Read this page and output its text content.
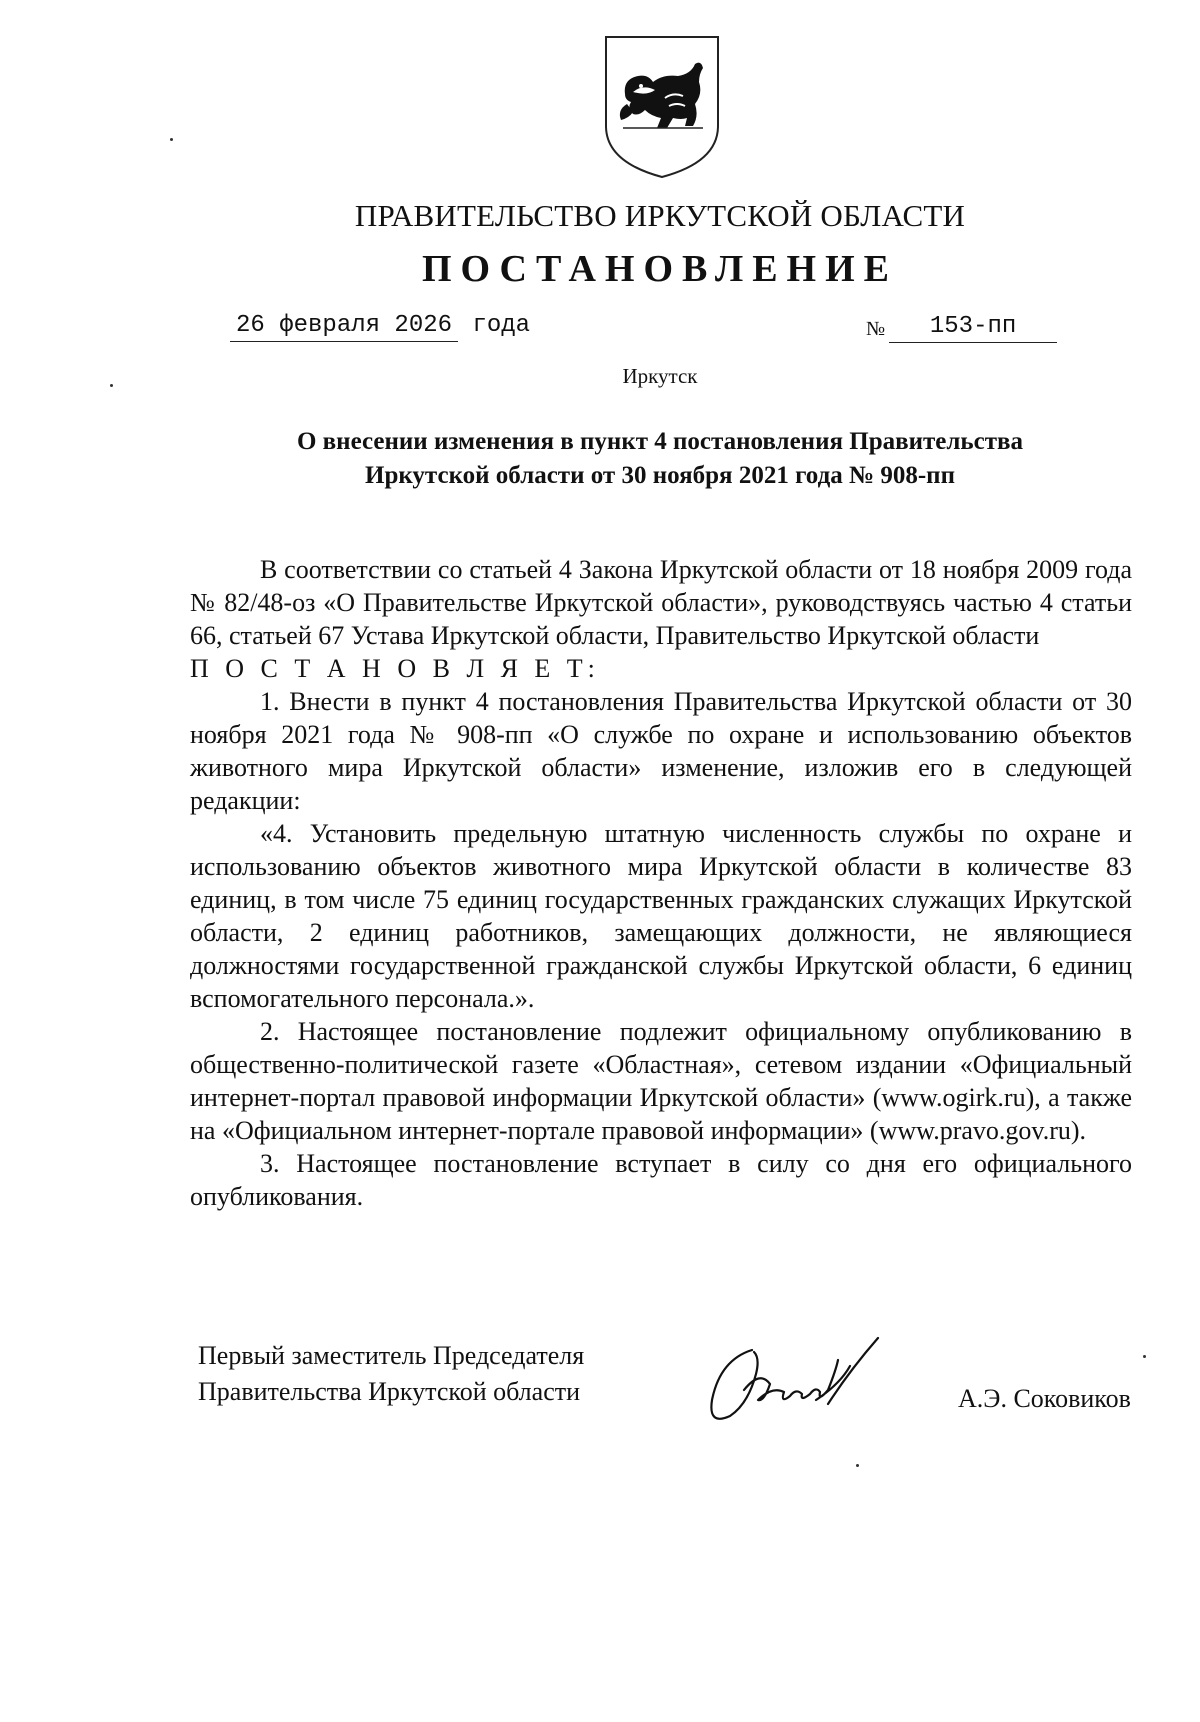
ПРАВИТЕЛЬСТВО ИРКУТСКОЙ ОБЛАСТИ
ПОСТАНОВЛЕНИЕ
26 февраля 2026 года	№ 153-пп
Иркутск
О внесении изменения в пункт 4 постановления Правительства
Иркутской области от 30 ноября 2021 года № 908-пп

В соответствии со статьей 4 Закона Иркутской области от 18 ноября 2009 года № 82/48-оз «О Правительстве Иркутской области», руководствуясь частью 4 статьи 66, статьей 67 Устава Иркутской области, Правительство Иркутской области

П О С Т А Н О В Л Я Е Т:

1. Внести в пункт 4 постановления Правительства Иркутской области от 30 ноября 2021 года № 908-пп «О службе по охране и использованию объектов животного мира Иркутской области» изменение, изложив его в следующей редакции:

«4. Установить предельную штатную численность службы по охране и использованию объектов животного мира Иркутской области в количестве 83 единиц, в том числе 75 единиц государственных гражданских служащих Иркутской области, 2 единиц работников, замещающих должности, не являющиеся должностями государственной гражданской службы Иркутской области, 6 единиц вспомогательного персонала.».

2. Настоящее постановление подлежит официальному опубликованию в общественно-политической газете «Областная», сетевом издании «Официальный интернет-портал правовой информации Иркутской области» (www.ogirk.ru), а также на «Официальном интернет-портале правовой информации» (www.pravo.gov.ru).

3. Настоящее постановление вступает в силу со дня его официального опубликования.

Первый заместитель Председателя
Правительства Иркутской области	А.Э. Соковиков
